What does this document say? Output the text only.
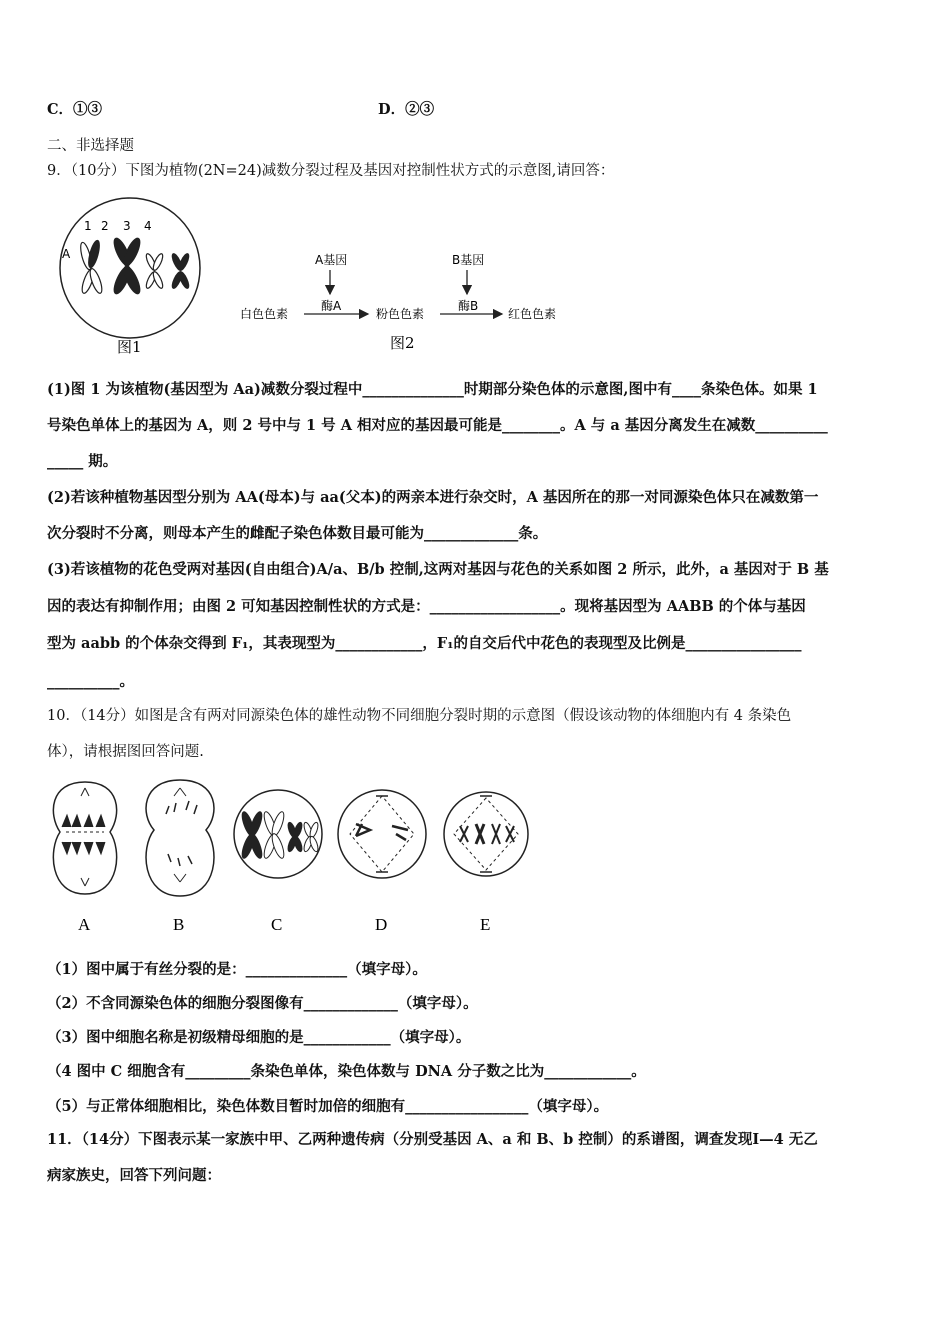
C．①③	D．②③
二、非选择题
9．（10分）下图为植物(2N=24)减数分裂过程及基因对控制性状方式的示意图,请回答：
1 2 3 4
A
图1
A基因	B基因
酶A	酶B
白色色素	粉色色素	红色色素
图2
(1)图 1 为该植物(基因型为 Aa)减数分裂过程中______________时期部分染色体的示意图,图中有____条染色体。如果 1
号染色单体上的基因为 A，则 2 号中与 1 号 A 相对应的基因最可能是________。A 与 a 基因分离发生在减数__________
_____ 期。
(2)若该种植物基因型分别为 AA(母本)与 aa(父本)的两亲本进行杂交时，A 基因所在的那一对同源染色体只在减数第一
次分裂时不分离，则母本产生的雌配子染色体数目最可能为_____________条。
(3)若该植物的花色受两对基因(自由组合)A/a、B/b 控制,这两对基因与花色的关系如图 2 所示，此外，a 基因对于 B 基
因的表达有抑制作用；由图 2 可知基因控制性状的方式是：__________________。现将基因型为 AABB 的个体与基因
型为 aabb 的个体杂交得到 F₁，其表现型为____________，F₁的自交后代中花色的表现型及比例是________________
__________。
10．（14分）如图是含有两对同源染色体的雄性动物不同细胞分裂时期的示意图（假设该动物的体细胞内有 4 条染色
体），请根据图回答问题.
A	B	C	D	E
（1）图中属于有丝分裂的是：______________（填字母）。
（2）不含同源染色体的细胞分裂图像有_____________（填字母）。
（3）图中细胞名称是初级精母细胞的是____________（填字母）。
（4 图中 C 细胞含有_________条染色单体，染色体数与 DNA 分子数之比为____________。
（5）与正常体细胞相比，染色体数目暂时加倍的细胞有_________________（填字母）。
11．（14分）下图表示某一家族中甲、乙两种遗传病（分别受基因 A、a 和 B、b 控制）的系谱图，调查发现Ⅰ—4 无乙
病家族史，回答下列问题：
